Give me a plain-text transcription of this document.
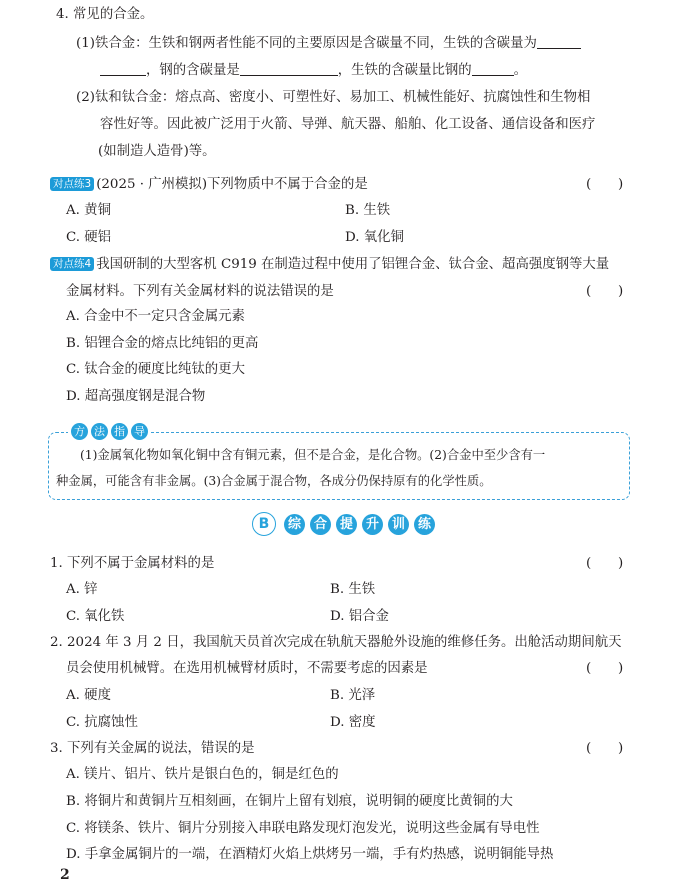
4. 常见的合金。
(1)铁合金：生铁和钢两者性能不同的主要原因是含碳量不同，生铁的含碳量为
，钢的含碳量是	，生铁的含碳量比钢的	。
(2)钛和钛合金：熔点高、密度小、可塑性好、易加工、机械性能好、抗腐蚀性和生物相
容性好等。因此被广泛用于火箭、导弹、航天器、船舶、化工设备、通信设备和医疗
(如制造人造骨)等。
对点练3 (2025 · 广州模拟)下列物质中不属于合金的是	(　　)
A. 黄铜	B. 生铁
C. 硬铝	D. 氧化铜
对点练4 我国研制的大型客机 C919 在制造过程中使用了铝锂合金、钛合金、超高强度钢等大量
金属材料。下列有关金属材料的说法错误的是	(　　)
A. 合金中不一定只含金属元素
B. 铝锂合金的熔点比纯铝的更高
C. 钛合金的硬度比纯钛的更大
D. 超高强度钢是混合物
方 法 指 导
(1)金属氧化物如氧化铜中含有铜元素，但不是合金，是化合物。(2)合金中至少含有一
种金属，可能含有非金属。(3)合金属于混合物，各成分仍保持原有的化学性质。
B	综 合 提 升 训 练
1. 下列不属于金属材料的是	(　　)
A. 锌	B. 生铁
C. 氧化铁	D. 铝合金
2. 2024 年 3 月 2 日，我国航天员首次完成在轨航天器舱外设施的维修任务。出舱活动期间航天
员会使用机械臂。在选用机械臂材质时，不需要考虑的因素是	(　　)
A. 硬度	B. 光泽
C. 抗腐蚀性	D. 密度
3. 下列有关金属的说法，错误的是	(　　)
A. 镁片、铝片、铁片是银白色的，铜是红色的
B. 将铜片和黄铜片互相刻画，在铜片上留有划痕，说明铜的硬度比黄铜的大
C. 将镁条、铁片、铜片分别接入串联电路发现灯泡发光，说明这些金属有导电性
D. 手拿金属铜片的一端，在酒精灯火焰上烘烤另一端，手有灼热感，说明铜能导热
2
